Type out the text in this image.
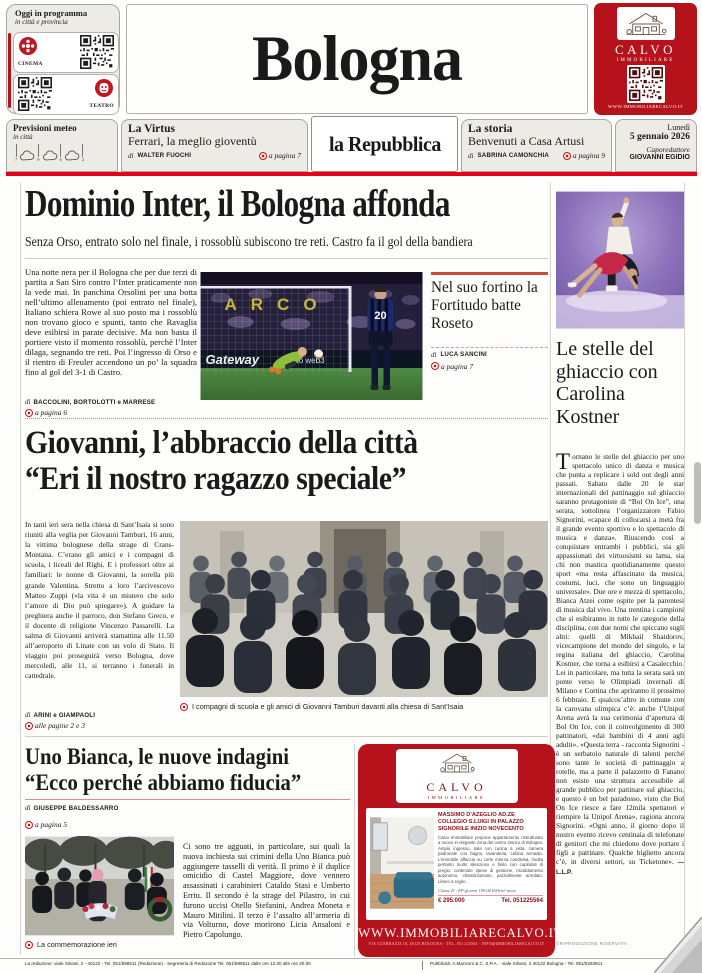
Oggi in programma
in città e provincia
CINEMA
TEATRO
Bologna	CALVO
IMMOBILIARE
WWW.IMMOBILIARECALVO.IT
Previsioni meteo
in città
7	9	6	2
La Virtus
Ferrari, la meglio gioventù
di WALTER FUOCHI	a pagina 7
la Repubblica
La storia
Benvenuti a Casa Artusi
di SABRINA CAMONCHIA	a pagina 9
Lunedì
5 gennaio 2026
Caporedattore
GIOVANNI EGIDIO
Dominio Inter, il Bologna affonda
Senza Orso, entrato solo nel finale, i rossoblù subiscono tre reti. Castro fa il gol della bandiera
Una notte nera per il Bologna che per due terzi di partita a San Siro contro l’Inter praticamente non la vede mai. In panchina Orsolini per una botta nell’ultimo allenamento (poi entrato nel finale), Italiano schiera Rowe al suo posto ma i rossoblù non trovano gioco e spunti, tanto che Ravaglia deve esibirsi in parate decisive. Ma non basta il portiere visto il momento rossoblù, perchè l’Inter dilaga, segnando tre reti. Poi l’ingresso di Orso e il rientro di Freuler accendono un po’ la squadra fino al gol del 3-1 di Castro.
di BACCOLINI, BORTOLOTTI e MARRESE
a pagina 6
20
Nel suo fortino la Fortitudo batte Roseto
di LUCA SANCINI
a pagina 7
Le stelle del ghiaccio con Carolina Kostner
Tornano le stelle del ghiaccio per uno spettacolo unico di danza e musica che punta a replicare i sold out degli anni passati. Sabato dalle 20 le star internazionali del pattinaggio sul ghiaccio saranno protagoniste di “Bol On Ice”, una serata, sottolinea l’organizzatore Fabio Signorini, «capace di collocarsi a metà fra il grande evento sportivo e lo spettacolo di musica e danza». Riuscendo così a conquistare entrambi i pubblici, sia gli appassionati dei virtuosismi su lama, sia chi non mastica quotidianamente questo sport «ma resta affascinato da musica, costumi, luci, che sono un linguaggio universale». Due ore e mezza di spettacolo, Bianca Atzei come ospite per la parentesi di musica dal vivo. Una trentina i campioni che si esibiranno in tutte le categorie della disciplina, con due nomi che spiccano sugli altri: quelli di Mikhail Shaidorov, vicecampione del mondo del singolo, e la regina italiana del ghiaccio, Carolina Kostner, che torna a esibirsi a Casalecchio. Lei in particolare, ma tutta la serata sarà un ponte verso le Olimpiadi invernali di Milano e Cortina che apriranno il prossimo 6 febbraio. E qualcos’altro in comune con la carovana olimpica c’è: anche l’Unipol Arena avrà la sua cerimonia d’apertura di Bol On Ice, con il coinvolgimento di 300 pattinatori, «dai bambini di 4 anni agli adulti». «Questa terra - racconta Signorini - è un serbatoio naturale di talenti perché sono tante le società di pattinaggio a rotelle, ma a parte il palazzetto di Fanano non esiste una struttura accessibile al grande pubblico per pattinare sul ghiaccio, e questo è un bel paradosso, visto che Bol On Ice riesce a fare 12mila spettatori e riempire la Unipol Arena», ragiona ancora Signorini. «Ogni anno, il giorno dopo il nostro evento ricevo centinaia di telefonate di genitori che mi chiedono dove portare i figli a pattinare. Qualche biglietto ancora c’è, in diversi settori, su Ticketone». — L.L.P.
©RIPRODUZIONE RISERVATA
Giovanni, l’abbraccio della città
“Eri il nostro ragazzo speciale”
In tanti ieri sera nella chiesa di Sant’Isaia si sono riuniti alla veglia per Giovanni Tamburi, 16 anni, la vittima bolognese della strage di Crans-Montana. C’erano gli amici e i compagni di scuola, i liceali del Righi. E i professori oltre ai familiari: le nonne di Giovanni, la sorella più grande Valentina. Stretto a loro l’arcivescovo Matteo Zuppi («la vita è un mistero che solo l’amore di Dio può spiegare»). A guidare la preghiera anche il parroco, don Stefano Greco, e il docente di religione Vincenzo Passarelli. La salma di Giovanni arriverà stamattina alle 11.50 all’aeroporto di Linate con un volo di Stato. Il viaggio poi proseguirà verso Bologna, dove mercoledì, alle 11, si terranno i funerali in cattedrale.
di ARINI e GIAMPAOLI
alle pagine 2 e 3
I compagni di scuola e gli amici di Giovanni Tamburi davanti alla chiesa di Sant’Isaia
Uno Bianca, le nuove indagini
“Ecco perché abbiamo fiducia”
di GIUSEPPE BALDESSARRO
a pagina 5
La commemorazione ieri
Ci sono tre agguati, in particolare, sui quali la nuova inchiesta sui crimini della Uno Bianca può aggiungere tasselli di verità. Il primo è il duplice omicidio di Castel Maggiore, dove vennero assassinati i carabinieri Cataldo Stasi e Umberto Erriu. Il secondo è la strage del Pilastro, in cui furono uccisi Otello Stefanini, Andrea Moneta e Mauro Mitilini. Il terzo è l’assalto all’armeria di via Volturno, dove morirono Licia Ansaloni e Pietro Capolungo.
CALVO
IMMOBILIARE
MASSIMO D’AZEGLIO AD.ZE COLLEGIO S.LUIGI IN PALAZZO SIGNORILE INIZIO NOVECENTO
Calvo Immobiliare propone appartamento ristrutturato a nuovo in elegante zona del centro storico di Bologna. Ampio ingresso, sala con cucina a vista, camera padronale con bagno, lavanderia, cabina armadio. L’immobile affaccia su corte interna condivisa, risulta pertanto molto silenzioso e finito con capitolati di pregio, contenute spese di gestione, riscaldamento autonomo, climatizzazione, parzialmente arredato. Libero a rogito.
Classe D - EP gl,nren 199,06 kWh/m² anno
€ 295.000	Tel. 051225564
WWW.IMMOBILIARECALVO.IT
VIA GUERRAZZI 18, 40125 BOLOGNA - TEL. 051 225564 - INFO@IMMOBILIARECALVO.IT
La redazione: viale Silvani, 2 - 40122 - Tel. 051/598511 (Redazione) - Segreteria di Redazione Tel. 051/598511 dalle ore 12.00 alle ore 20.00	Pubblicità: A.Manzoni & C. S.P.A. - viale Silvani, 2 40122 Bologna - Tel. 051/5283911
